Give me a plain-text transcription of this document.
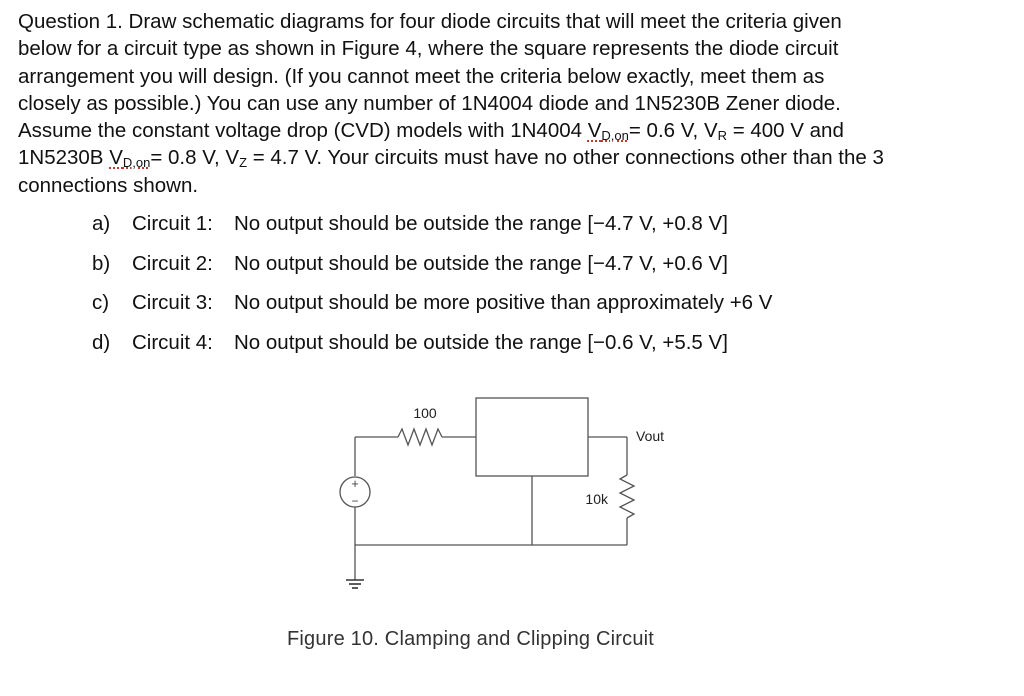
Question 1. Draw schematic diagrams for four diode circuits that will meet the criteria given
below for a circuit type as shown in Figure 4, where the square represents the diode circuit
arrangement you will design. (If you cannot meet the criteria below exactly, meet them as
closely as possible.) You can use any number of 1N4004 diode and 1N5230B Zener diode.
Assume the constant voltage drop (CVD) models with 1N4004 $V_{D,on}= 0.6$ V, $V_R = 400$ V and
1N5230B $V_{D,on}= 0.8$ V, $V_Z = 4.7$ V. Your circuits must have no other connections other than the 3
connections shown.
a)	Circuit 1:	No output should be outside the range [−4.7 V, +0.8 V]
b)	Circuit 2:	No output should be outside the range [−4.7 V, +0.6 V]
c)	Circuit 3:	No output should be more positive than approximately +6 V
d)	Circuit 4:	No output should be outside the range [−0.6 V, +5.5 V]
+
−
100
10k
Vout
Figure 10. Clamping and Clipping Circuit
